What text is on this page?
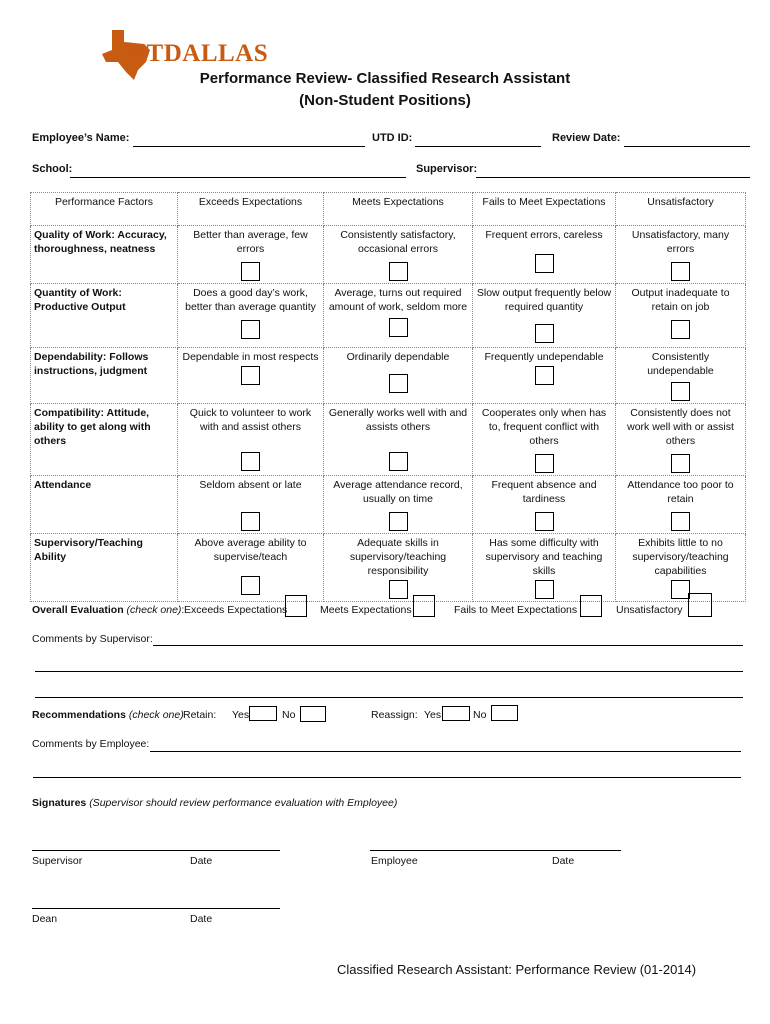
UTDALLAS
Performance Review- Classified Research Assistant
(Non-Student Positions)
Employee’s Name:	UTD ID:	Review Date:
School:	Supervisor:
Performance Factors	Exceeds Expectations	Meets Expectations	Fails to Meet Expectations	Unsatisfactory
Quality of Work: Accuracy, thoroughness, neatness	Better than average, few errors	Consistently satisfactory, occasional errors	Frequent errors, careless	Unsatisfactory, many errors

Quantity of Work: Productive Output	Does a good day’s work, better than average quantity	Average, turns out required amount of work, seldom more	Slow output frequently below required quantity	Output inadequate to retain on job

Dependability: Follows instructions, judgment	Dependable in most respects	Ordinarily dependable	Frequently undependable	Consistently undependable

Compatibility: Attitude, ability to get along with others	Quick to volunteer to work with and assist others	Generally works well with and assists others	Cooperates only when has to, frequent conflict with others	Consistently does not work well with or assist others

Attendance	Seldom absent or late	Average attendance record, usually on time	Frequent absence and tardiness	Attendance too poor to retain

Supervisory/Teaching Ability	Above average ability to supervise/teach	Adequate skills in supervisory/teaching responsibility	Has some difficulty with supervisory and teaching skills	Exhibits little to no supervisory/teaching capabilities
Overall Evaluation (check one): Exceeds Expectations	Meets Expectations	Fails to Meet Expectations	Unsatisfactory
Comments by Supervisor:
Recommendations (check one) Retain: Yes	No	Reassign: Yes	No
Comments by Employee:
Signatures (Supervisor should review performance evaluation with Employee)
Supervisor	Date	Employee	Date
Dean	Date
Classified Research Assistant: Performance Review (01-2014)
